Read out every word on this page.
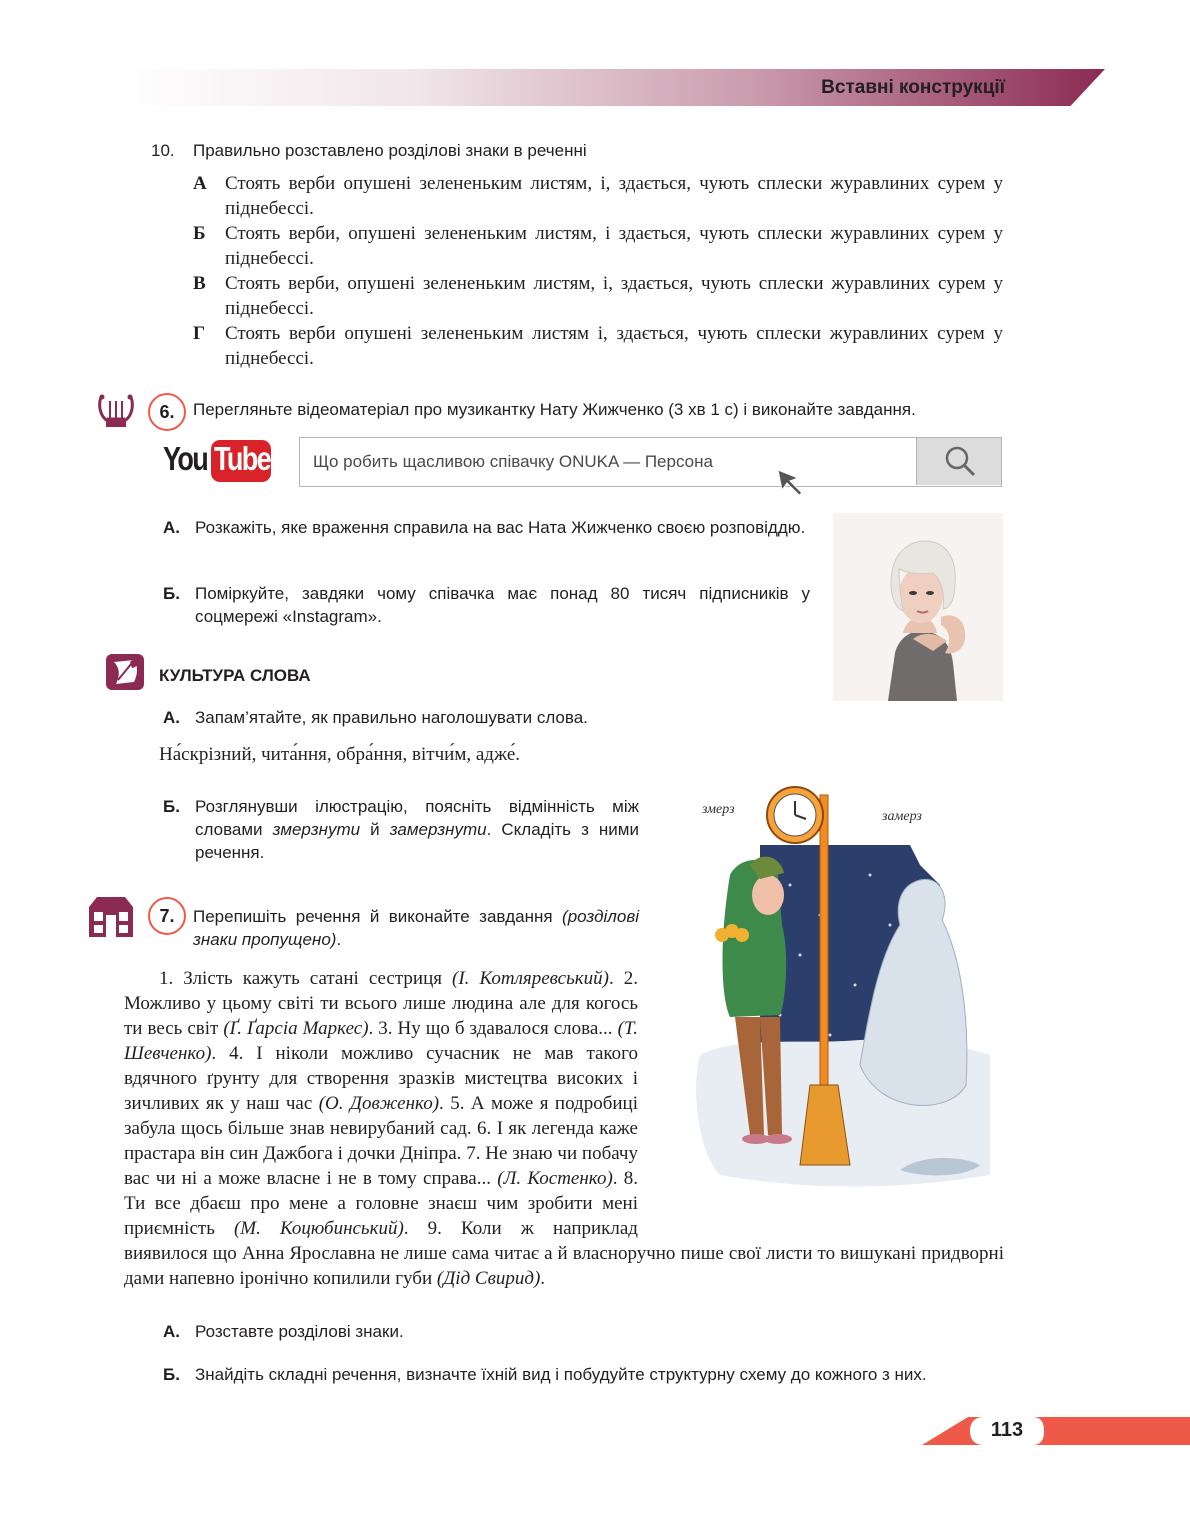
Вставні конструкції
10. Правильно розставлено розділові знаки в реченні
А Стоять верби опушені зелененьким листям, і, здається, чують сплески журавлиних сурем у піднебессі.
Б Стоять верби, опушені зелененьким листям, і здається, чують сплески журавлиних сурем у піднебессі.
В Стоять верби, опушені зелененьким листям, і, здається, чують сплески журавлиних сурем у піднебессі.
Г Стоять верби опушені зелененьким листям і, здається, чують сплески журавлиних сурем у піднебессі.
6.	Перегляньте відеоматеріал про музикантку Нату Жижченко (3 хв 1 с) і виконайте завдання.
You Tube	Що робить щасливою співачку ONUKA — Персона
А. Розкажіть, яке враження справила на вас Ната Жижченко своєю розповіддю.
Б. Поміркуйте, завдяки чому співачка має понад 80 тисяч підписників у соцмережі «Instagram».
КУЛЬТУРА СЛОВА
А. Запам’ятайте, як правильно наголошувати слова.
На́скрізний, чита́ння, обра́ння, вітчи́м, адже́.
Б. Розглянувши ілюстрацію, поясніть відмінність між словами змерзнути й замерзнути. Складіть з ними речення.
змерз	замерз
7.	Перепишіть речення й виконайте завдання (розділові знаки пропущено).
1. Злість кажуть сатані сестриця (І. Котляревський). 2. Можливо у цьому світі ти всього лише людина але для когось ти весь світ (Ґ. Ґарсіа Маркес). 3. Ну що б здавалося слова... (Т. Шевченко). 4. І ніколи можливо сучасник не мав такого вдячного ґрунту для створення зразків мистецтва високих і зичливих як у наш час (О. Довженко). 5. А може я подробиці забула щось більше знав невирубаний сад. 6. І як легенда каже прастара він син Дажбога і дочки Дніпра. 7. Не знаю чи побачу вас чи ні а може власне і не в тому справа... (Л. Костенко). 8. Ти все дбаєш про мене а головне знаєш чим зробити мені приємність (М. Коцюбинський). 9. Коли ж наприклад виявилося що Анна Ярославна не лише сама читає а й власноручно пише свої листи то вишукані придворні дами напевно іронічно копилили губи (Дід Свирид).
А. Розставте розділові знаки.
Б. Знайдіть складні речення, визначте їхній вид і побудуйте структурну схему до кожного з них.
113
